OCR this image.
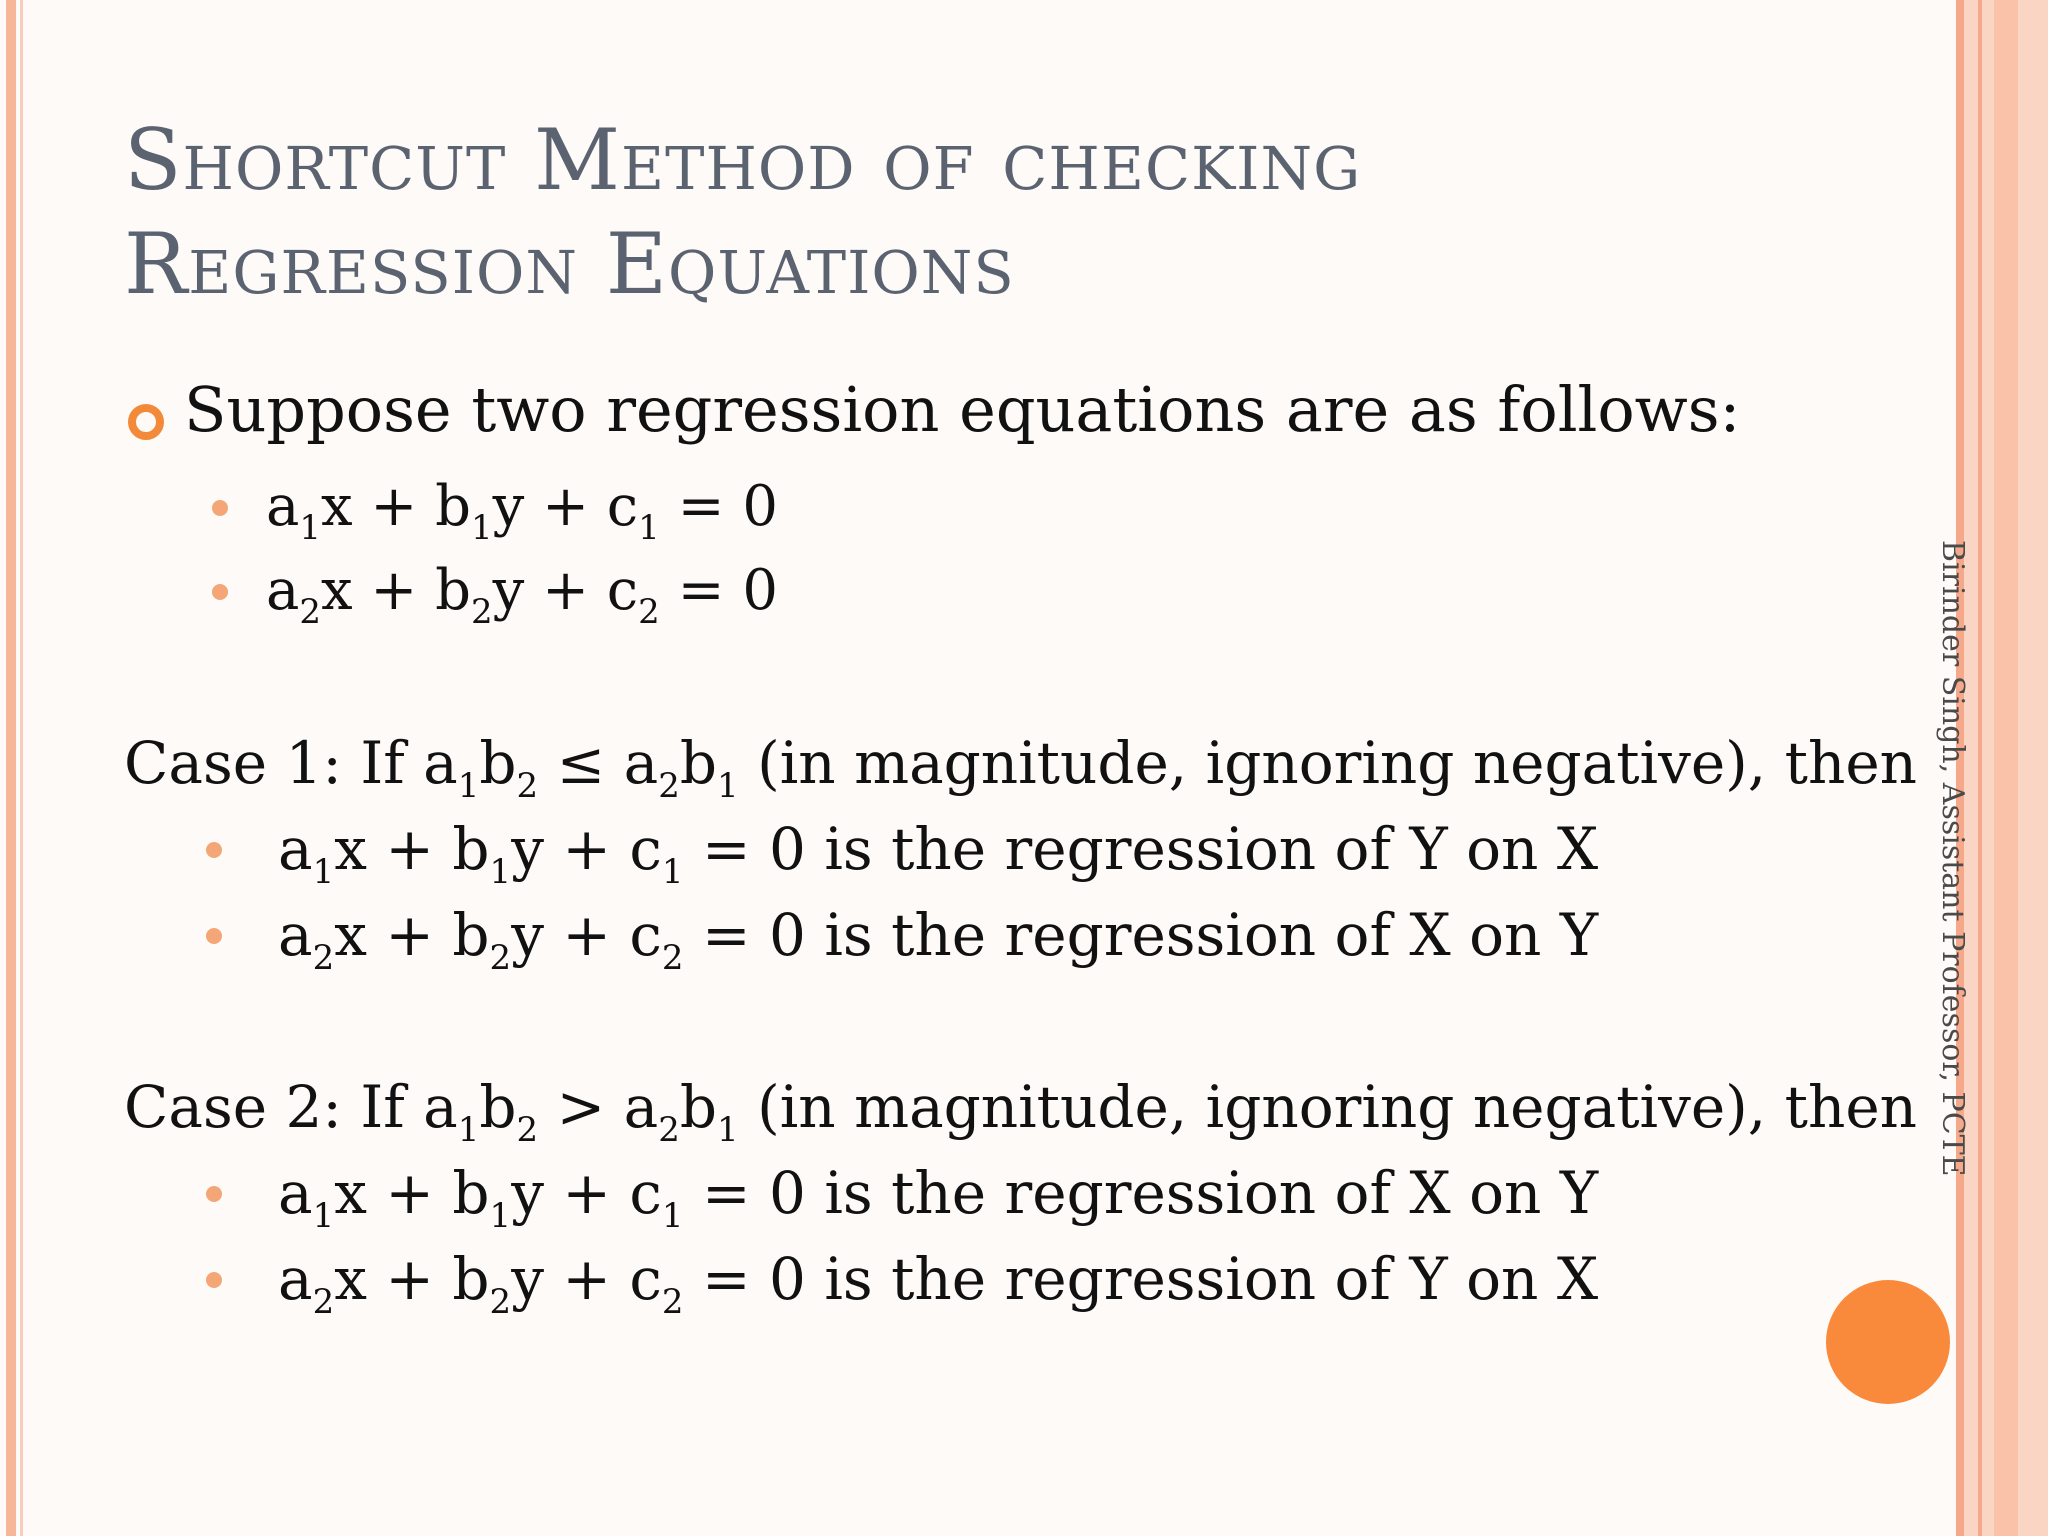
Shortcut Method of checking
Regression Equations
Suppose two regression equations are as follows:
$a_1x + b_1y + c_1 = 0$
$a_2x + b_2y + c_2 = 0$
Case 1: If $a_1b_2 \le a_2b_1$ (in magnitude, ignoring negative), then
$a_1x + b_1y + c_1 = 0$ is the regression of Y on X
$a_2x + b_2y + c_2 = 0$ is the regression of X on Y
Case 2: If $a_1b_2 > a_2b_1$ (in magnitude, ignoring negative), then
$a_1x + b_1y + c_1 = 0$ is the regression of X on Y
$a_2x + b_2y + c_2 = 0$ is the regression of Y on X
Birinder Singh, Assistant Professor, PCTE
